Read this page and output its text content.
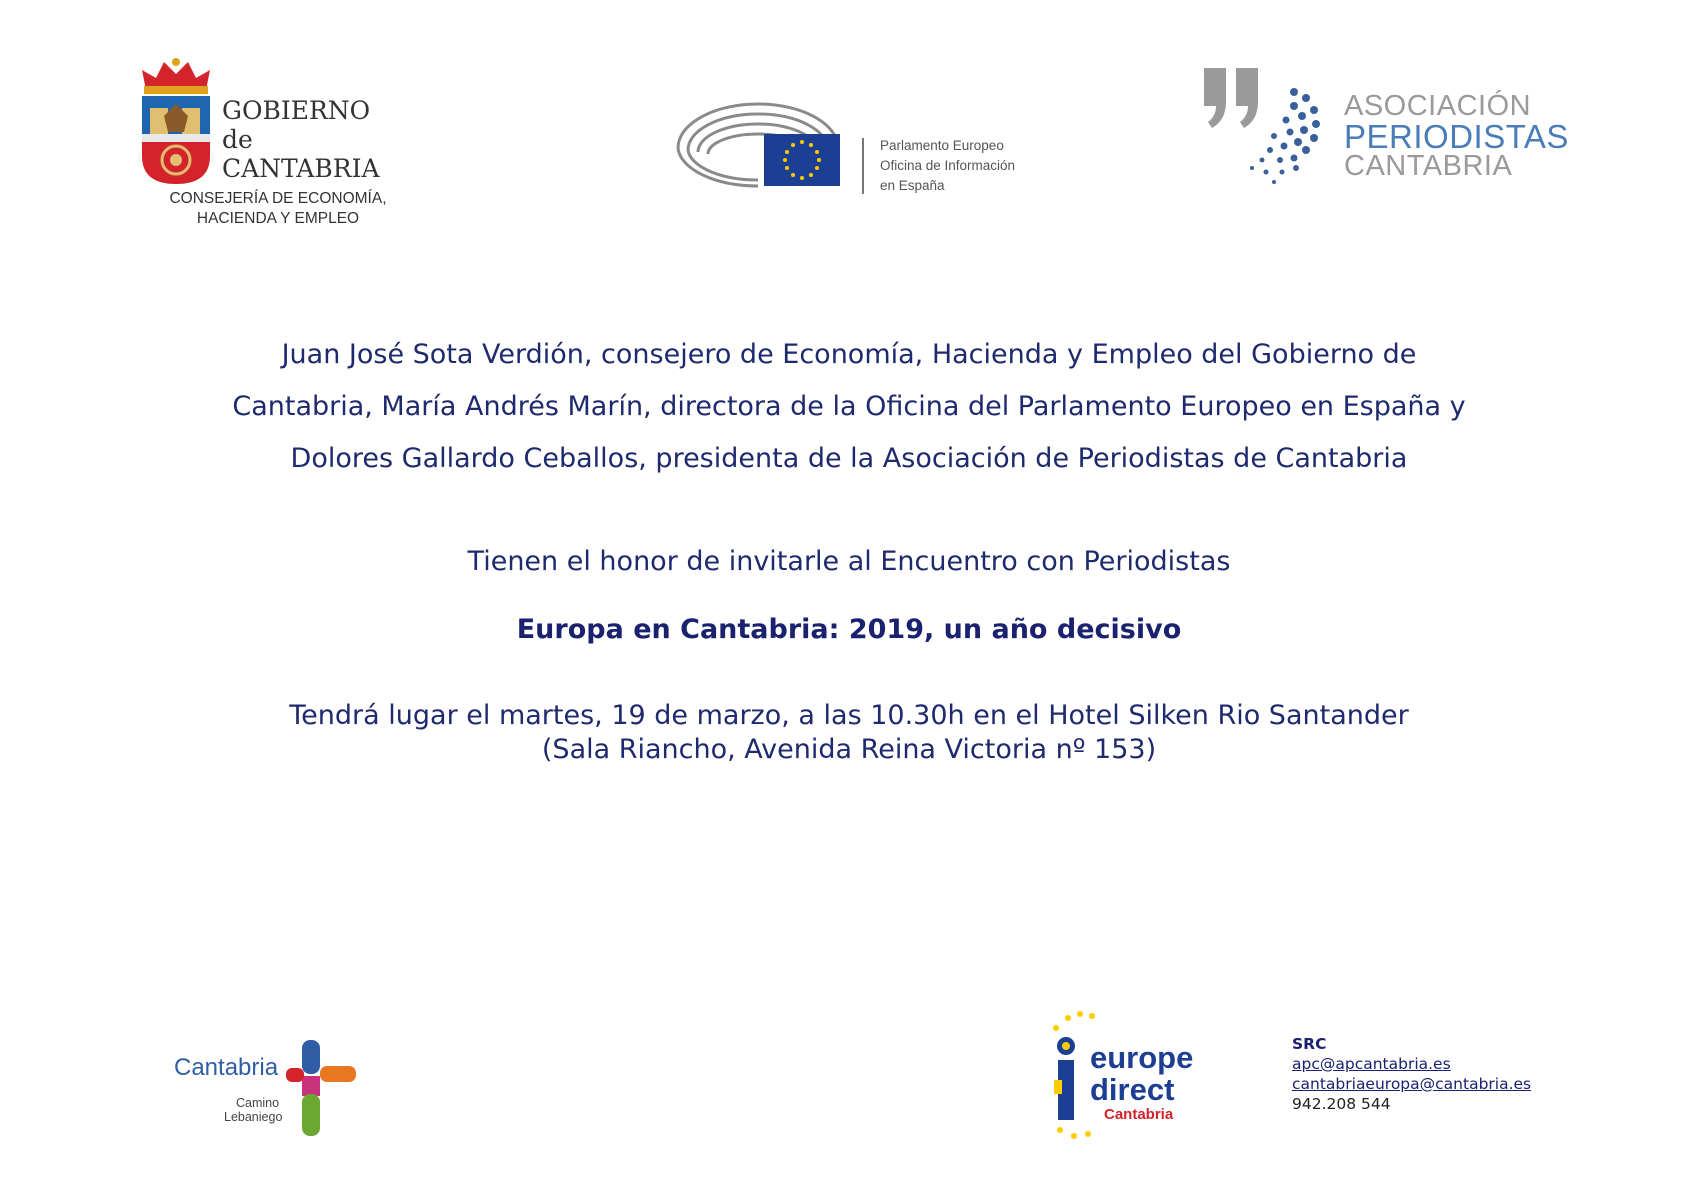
GOBIERNO
de
CANTABRIA
CONSEJERÍA DE ECONOMÍA,
HACIENDA Y EMPLEO
Parlamento Europeo
Oficina de Información
en España
ASOCIACIÓN
PERIODISTAS
CANTABRIA
Juan José Sota Verdión, consejero de Economía, Hacienda y Empleo del Gobierno de
Cantabria, María Andrés Marín, directora de la Oficina del Parlamento Europeo en España y
Dolores Gallardo Ceballos, presidenta de la Asociación de Periodistas de Cantabria
Tienen el honor de invitarle al Encuentro con Periodistas
Europa en Cantabria: 2019, un año decisivo
Tendrá lugar el martes, 19 de marzo, a las 10.30h en el Hotel Silken Rio Santander
(Sala Riancho, Avenida Reina Victoria nº 153)
Cantabria
Camino
Lebaniego
europe
direct
Cantabria
SRC
apc@apcantabria.es
cantabriaeuropa@cantabria.es
942.208 544
